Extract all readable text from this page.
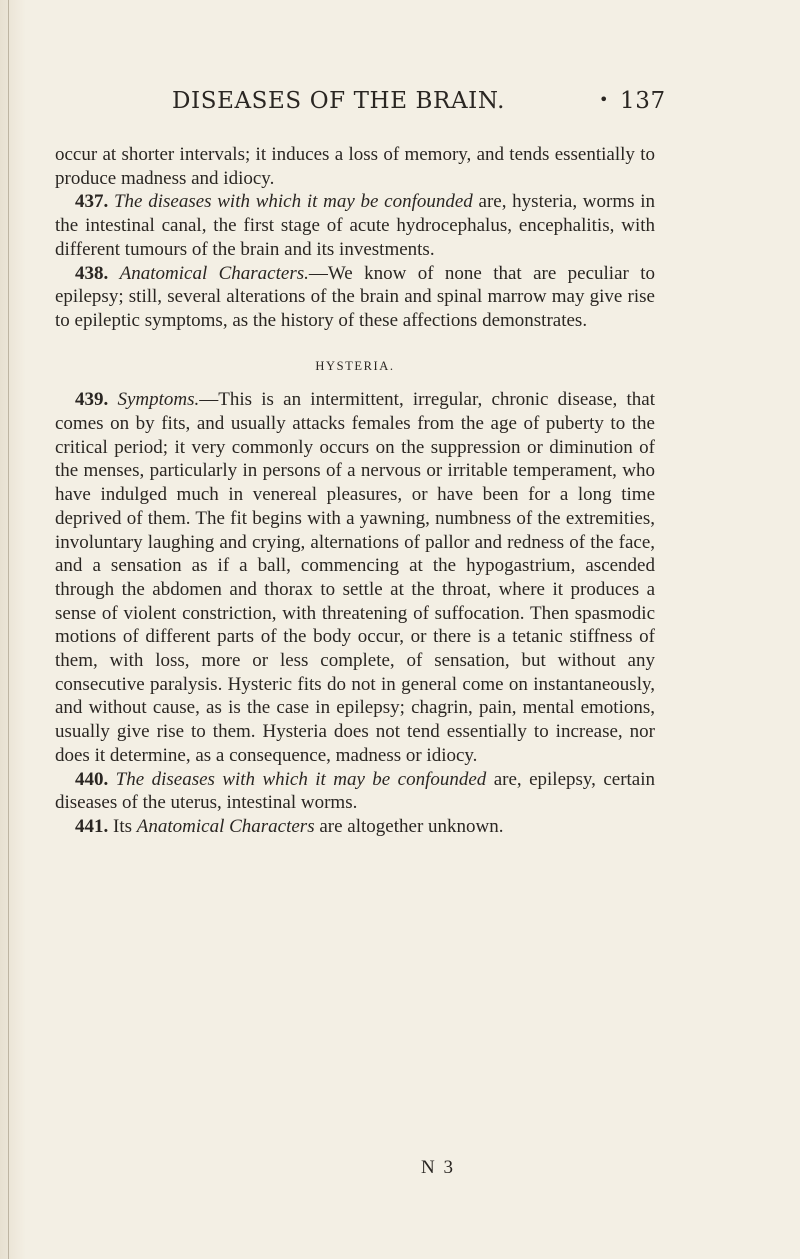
DISEASES OF THE BRAIN.	• 137

occur at shorter intervals; it induces a loss of memory, and tends essentially to produce madness and idiocy.

437. The diseases with which it may be confounded are, hysteria, worms in the intestinal canal, the first stage of acute hydrocephalus, encephalitis, with different tumours of the brain and its investments.

438. Anatomical Characters.—We know of none that are peculiar to epilepsy; still, several alterations of the brain and spinal marrow may give rise to epileptic symptoms, as the history of these affections demonstrates.

HYSTERIA.

439. Symptoms.—This is an intermittent, irregular, chronic disease, that comes on by fits, and usually attacks females from the age of puberty to the critical period; it very commonly occurs on the suppression or diminution of the menses, particularly in persons of a nervous or irritable temperament, who have indulged much in venereal pleasures, or have been for a long time deprived of them. The fit begins with a yawning, numbness of the extremities, involuntary laughing and crying, alternations of pallor and redness of the face, and a sensation as if a ball, commencing at the hypogastrium, ascended through the abdomen and thorax to settle at the throat, where it produces a sense of violent constriction, with threatening of suffocation. Then spasmodic motions of different parts of the body occur, or there is a tetanic stiffness of them, with loss, more or less complete, of sensation, but without any consecutive paralysis. Hysteric fits do not in general come on instantaneously, and without cause, as is the case in epilepsy; chagrin, pain, mental emotions, usually give rise to them. Hysteria does not tend essentially to increase, nor does it determine, as a consequence, madness or idiocy.

440. The diseases with which it may be confounded are, epilepsy, certain diseases of the uterus, intestinal worms.

441. Its Anatomical Characters are altogether unknown.

N 3
